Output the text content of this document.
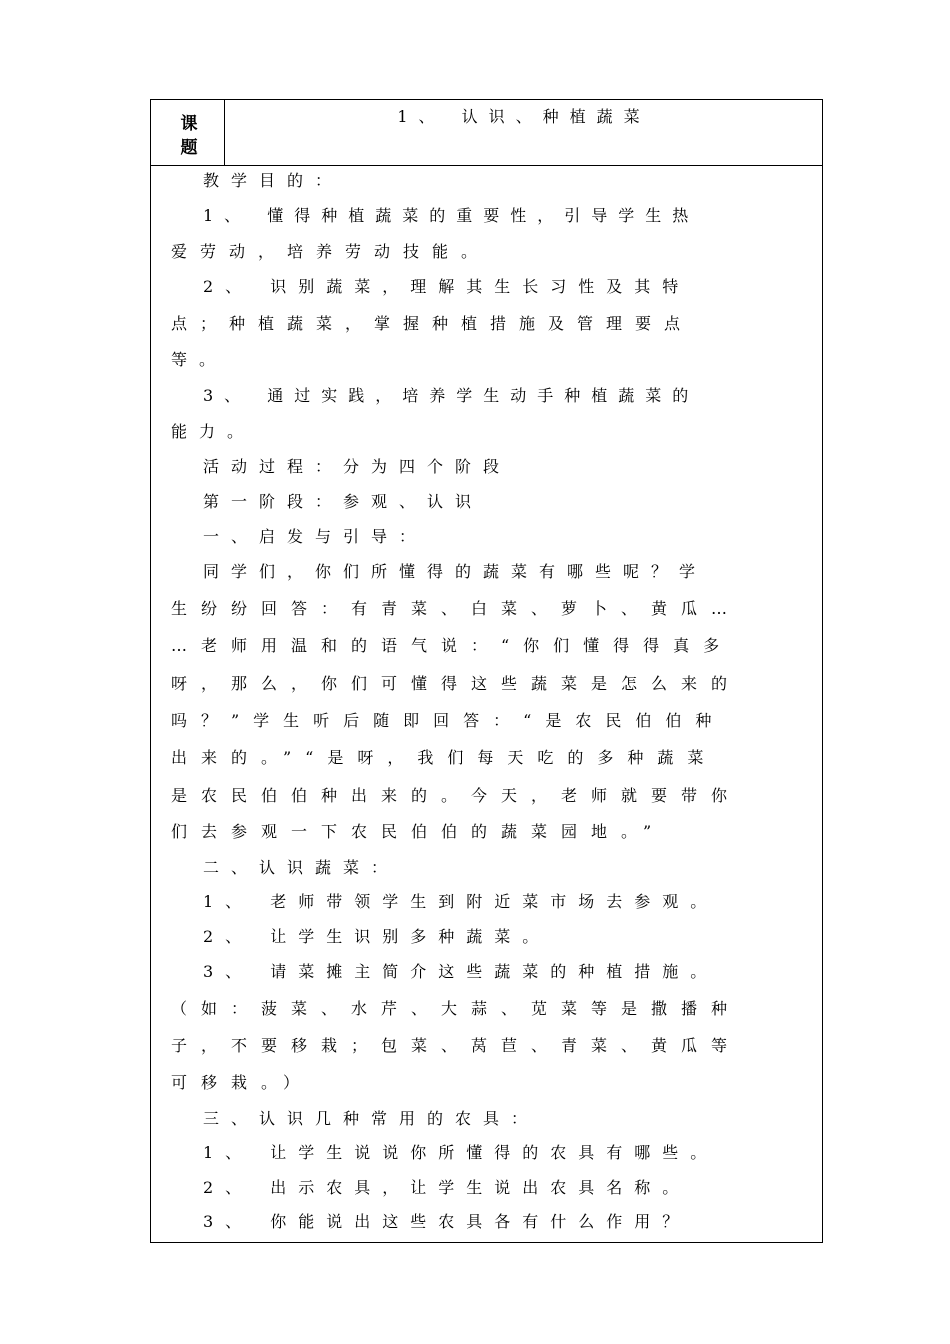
课题
1、 认识、种植蔬菜
教学目的：
1、 懂得种植蔬菜的重要性，引导学生热
爱劳动，培养劳动技能。
2、 识别蔬菜，理解其生长习性及其特
点；种植蔬菜，掌握种植措施及管理要点
等。
3、 通过实践，培养学生动手种植蔬菜的
能力。
活动过程：分为四个阶段
第一阶段：参观、认识
一、启发与引导：
同学们，你们所懂得的蔬菜有哪些呢？学
生纷纷回答：有青菜、白菜、萝卜、黄瓜…
…老师用温和的语气说：“你们懂得得真多
呀，那么，你们可懂得这些蔬菜是怎么来的
吗？”学生听后随即回答：“是农民伯伯种
出来的。”“是呀，我们每天吃的多种蔬菜
是农民伯伯种出来的。今天，老师就要带你
们去参观一下农民伯伯的蔬菜园地。”
二、认识蔬菜：
1、 老师带领学生到附近菜市场去参观。
2、 让学生识别多种蔬菜。
3、 请菜摊主简介这些蔬菜的种植措施。
（如：菠菜、水芹、大蒜、苋菜等是撒播种
子，不要移栽；包菜、莴苣、青菜、黄瓜等
可移栽。）
三、认识几种常用的农具：
1、 让学生说说你所懂得的农具有哪些。
2、 出示农具，让学生说出农具名称。
3、 你能说出这些农具各有什么作用？
